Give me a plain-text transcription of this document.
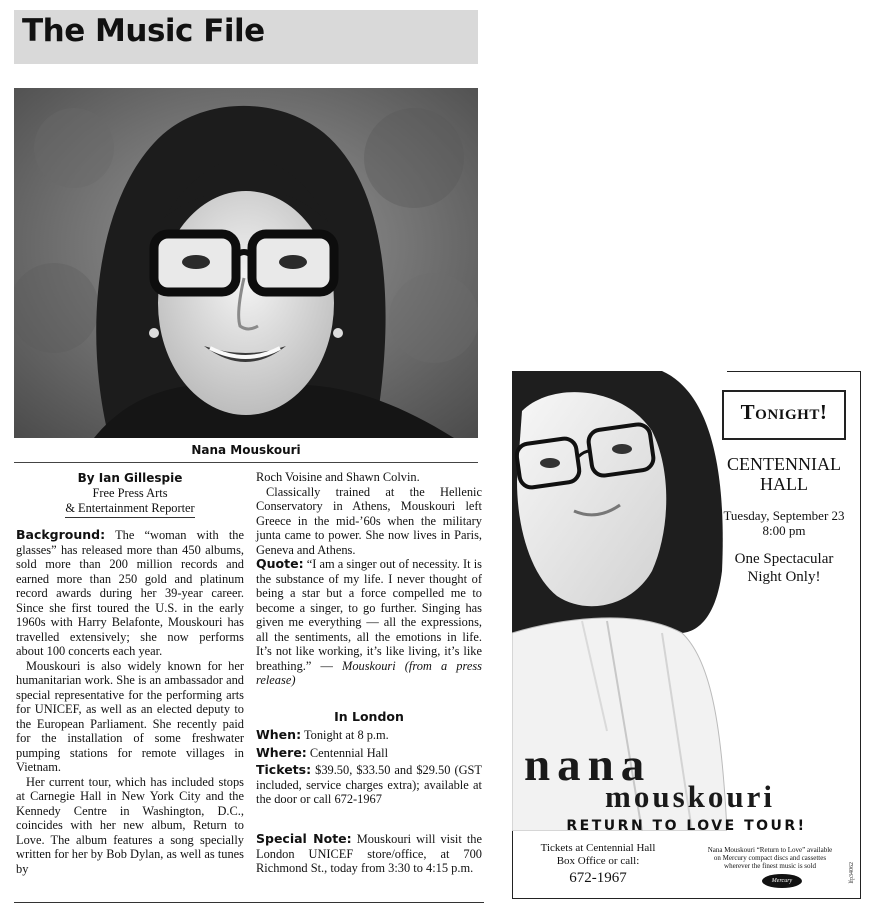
The Music File
Nana Mouskouri
By Ian Gillespie
Free Press Arts
& Entertainment Reporter

Background: The “woman with the glasses” has released more than 450 albums, sold more than 200 million records and earned more than 250 gold and platinum record awards during her 39-year career. Since she first toured the U.S. in the early 1960s with Harry Belafonte, Mouskouri has travelled extensively; she now performs about 100 concerts each year.

Mouskouri is also widely known for her humanitarian work. She is an ambassador and special representative for the performing arts for UNICEF, as well as an elected deputy to the European Parliament. She recently paid for the installation of some freshwater pumping stations for remote villages in Vietnam.

Her current tour, which has included stops at Carnegie Hall in New York City and the Kennedy Centre in Washington, D.C., coincides with her new album, Return to Love. The album features a song specially written for her by Bob Dylan, as well as tunes by

Roch Voisine and Shawn Colvin.

Classically trained at the Hellenic Conservatory in Athens, Mouskouri left Greece in the mid-’60s when the military junta came to power. She now lives in Paris, Geneva and Athens.

Quote: “I am a singer out of necessity. It is the substance of my life. I never thought of being a star but a force compelled me to become a singer, to go further. Singing has given me everything — all the expressions, all the sentiments, all the emotions in life. It’s not like working, it’s like living, it’s like breathing.” — Mouskouri (from a press release)

In London
When: Tonight at 8 p.m.
Where: Centennial Hall
Tickets: $39.50, $33.50 and $29.50 (GST included, service charges extra); available at the door or call 672-1967
Special Note: Mouskouri will visit the London UNICEF store/office, at 700 Richmond St., today from 3:30 to 4:15 p.m.
Tonight!
CENTENNIAL
HALL
Tuesday, September 23
8:00 pm
One Spectacular
Night Only!
nana
mouskouri
RETURN TO LOVE TOUR!
Tickets at Centennial Hall
Box Office or call:
672-1967
Nana Mouskouri “Return to Love” available
on Mercury compact discs and cassettes
wherever the finest music is sold
Mercury	lfp34062
